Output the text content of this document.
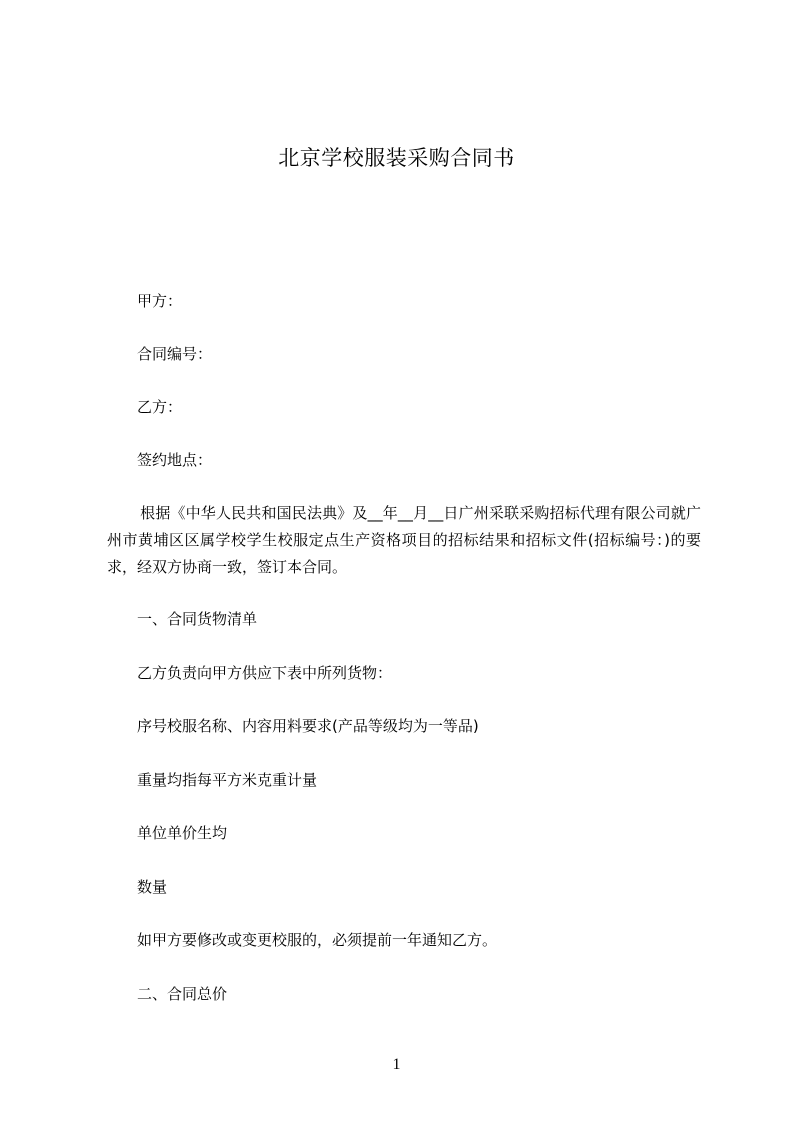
北京学校服装采购合同书
甲方：
合同编号：
乙方：
签约地点：
根据《中华人民共和国民法典》及__年__月__日广州采联采购招标代理有限公司就广州市黄埔区区属学校学生校服定点生产资格项目的招标结果和招标文件(招标编号：)的要求，经双方协商一致，签订本合同。
一、合同货物清单
乙方负责向甲方供应下表中所列货物：
序号校服名称、内容用料要求(产品等级均为一等品)
重量均指每平方米克重计量
单位单价生均
数量
如甲方要修改或变更校服的，必须提前一年通知乙方。
二、合同总价
1
